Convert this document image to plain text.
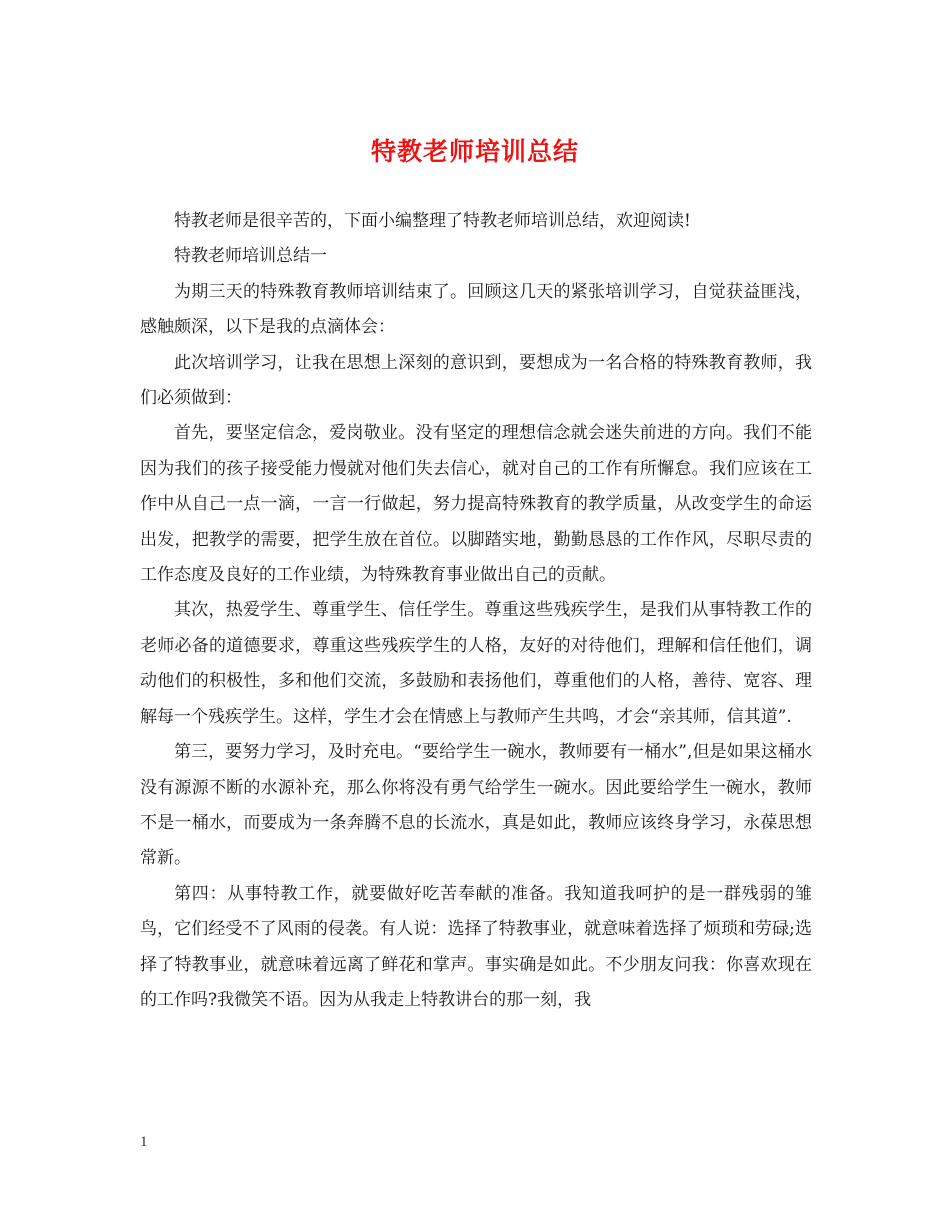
特教老师培训总结

特教老师是很辛苦的，下面小编整理了特教老师培训总结，欢迎阅读!

特教老师培训总结一

为期三天的特殊教育教师培训结束了。回顾这几天的紧张培训学习，自觉获益匪浅，感触颇深，以下是我的点滴体会：

此次培训学习，让我在思想上深刻的意识到，要想成为一名合格的特殊教育教师，我们必须做到：

首先，要坚定信念，爱岗敬业。没有坚定的理想信念就会迷失前进的方向。我们不能因为我们的孩子接受能力慢就对他们失去信心，就对自己的工作有所懈怠。我们应该在工作中从自己一点一滴，一言一行做起，努力提高特殊教育的教学质量，从改变学生的命运出发，把教学的需要，把学生放在首位。以脚踏实地，勤勤恳恳的工作作风，尽职尽责的工作态度及良好的工作业绩，为特殊教育事业做出自己的贡献。

其次，热爱学生、尊重学生、信任学生。尊重这些残疾学生，是我们从事特教工作的老师必备的道德要求，尊重这些残疾学生的人格，友好的对待他们，理解和信任他们，调动他们的积极性，多和他们交流，多鼓励和表扬他们，尊重他们的人格，善待、宽容、理解每一个残疾学生。这样，学生才会在情感上与教师产生共鸣，才会“亲其师，信其道”.

第三，要努力学习，及时充电。“要给学生一碗水，教师要有一桶水”,但是如果这桶水没有源源不断的水源补充，那么你将没有勇气给学生一碗水。因此要给学生一碗水，教师不是一桶水，而要成为一条奔腾不息的长流水，真是如此，教师应该终身学习，永葆思想常新。

第四：从事特教工作，就要做好吃苦奉献的准备。我知道我呵护的是一群残弱的雏鸟，它们经受不了风雨的侵袭。有人说：选择了特教事业，就意味着选择了烦琐和劳碌;选择了特教事业，就意味着远离了鲜花和掌声。事实确是如此。不少朋友问我：你喜欢现在的工作吗?我微笑不语。因为从我走上特教讲台的那一刻，我

1
